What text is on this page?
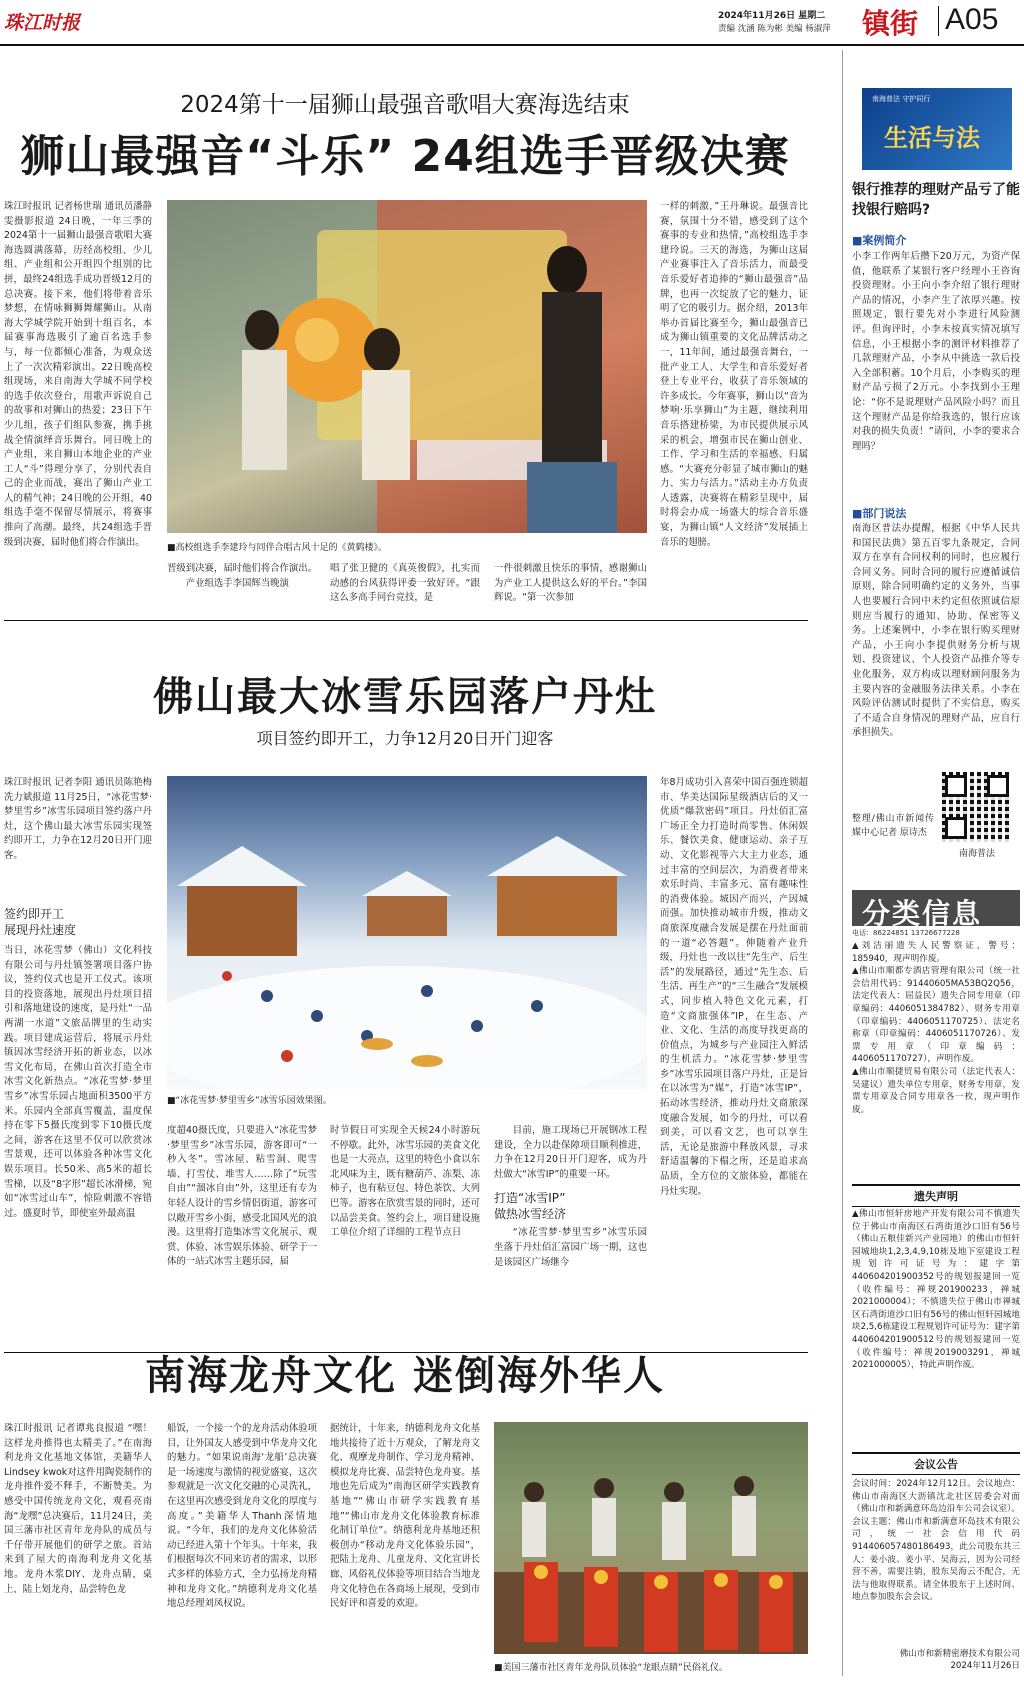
珠江时报	2024年11月26日 星期二
责编 沈涵 陈为彬 美编 杨淑萍 镇街 A05
2024第十一届狮山最强音歌唱大赛海选结束
狮山最强音“斗乐” 24组选手晋级决赛
珠江时报讯 记者杨世瑞 通讯员潘静雯摄影报道 24日晚，一年三季的2024第十一届狮山最强音歌唱大赛海选圆满落幕，历经高校组、少儿组、产业组和公开组四个组别的比拼，最终24组选手成功晋级12月的总决赛。接下来，他们将带着音乐梦想，在情咏狮狮舞耀狮山。从南海大学城学院开始到十组百名，本届赛事海选吸引了逾百名选手参与，每一位都倾心准备，为观众送上了一次次精彩演出。22日晚高校组现场，来自南海大学城不同学校的选手依次登台，用歌声诉说自己的故事和对狮山的热爱；23日下午少儿组，孩子们组队参赛，携手挑战全情演绎音乐舞台。同日晚上的产业组，来自狮山本地企业的产业工人“斗”得理分享了，分别代表自己的企业而战，赛出了狮山产业工人的精气神；24日晚的公开组，40组选手毫不保留尽情展示，将赛事推向了高潮。最终，共24组选手晋级到决赛，届时他们将合作演出。
■高校组选手李建玲与同伴合唱古风十足的《黄鹤楼》。
晋级到决赛，届时他们将合作演出。
产业组选手李国辉当晚演
唱了张卫健的《真英俊假》，扎实而动感的台风获得评委一致好评。“跟这么多高手同台竞技，是
一件很刺激且快乐的事情，感谢狮山为产业工人提供这么好的平台。”李国辉说。“第一次参加
一样的刺激，”王丹琳说。最强音比赛，氛围十分不错，感受到了这个赛事的专业和热情，”高校组选手李建玲说。三天的海选，为狮山这届产业赛事注入了音乐活力，而最受音乐爱好者追捧的“狮山最强音”品牌，也再一次绽放了它的魅力，证明了它的吸引力。据介绍，2013年举办首届比赛至今，狮山最强音已成为狮山镇重要的文化品牌活动之一，11年间，通过最强音舞台，一批产业工人、大学生和音乐爱好者登上专业平台，收获了音乐领域的许多成长。今年赛事，狮山以“音为梦响·乐享狮山”为主题，继续利用音乐搭建桥梁，为市民提供展示风采的机会，增强市民在狮山创业、工作、学习和生活的幸福感、归属感。“大赛充分彰显了城市狮山的魅力、实力与活力。”活动主办方负责人透露，决赛将在精彩呈现中，届时将会办成一场盛大的综合音乐盛宴，为狮山镇“人文经济”发展插上音乐的翅膀。
佛山最大冰雪乐园落户丹灶
项目签约即开工，力争12月20日开门迎客
珠江时报讯 记者李阳 通讯员陈艳梅 冼力斌报道 11月25日，“冰花雪梦·梦里雪乡”冰雪乐园项目签约落户丹灶，这个佛山最大冰雪乐园实现签约即开工，力争在12月20日开门迎客。
签约即开工
展现丹灶速度
当日，冰花雪梦（佛山）文化科技有限公司与丹灶镇签署项目落户协议，签约仪式也是开工仪式。该项目的投资落地，展现出丹灶项目招引和落地建设的速度，是丹灶“一品两湖一水道”文旅品牌里的生动实践。项目建成运营后，将展示丹灶镇因冰雪经济开拓的新业态，以冰雪文化布局，在佛山首次打造全市冰雪文化新热点。“冰花雪梦·梦里雪乡”冰雪乐园占地面积3500平方米。乐园内全部真雪覆盖，温度保持在零下5摄氏度到零下10摄氏度之间，游客在这里不仅可以欣赏冰雪景观，还可以体验各种冰雪文化娱乐项目。长50米、高5米的超长雪梯，以及“8字形”超长冰滑梯，宛如“冰雪过山车”，惊险刺激不容错过。盛夏时节，即使室外最高温
■“冰花雪梦·梦里雪乡”冰雪乐园效果图。
度超40摄氏度，只要进入“冰花雪梦·梦里雪乡”冰雪乐园，游客即可“一秒入冬”。雪冰屋、粘雪洞、爬雪墙、打雪仗、堆雪人……除了“玩雪自由”“溜冰自由”外，这里还有专为年轻人设计的雪乡情侣街道，游客可以敞开雪乡小街，感受北国风光的浪漫。这里将打造集冰雪文化展示、观赏、体验、冰雪娱乐体验、研学于一体的一站式冰雪主题乐园，届
时节假日可实现全天候24小时游玩不停歇。此外，冰雪乐园的美食文化也是一大亮点，这里的特色小食以东北风味为主，既有糖葫芦、冻梨、冻柿子，也有粘豆包、特色茶饮、大列巴等。游客在欣赏雪景的同时，还可以品尝美食。签约会上，项目建设施工单位介绍了详细的工程节点日
目前，施工现场已开展钢冰工程建设，全力以赴保障项目顺利推进，力争在12月20日开门迎客，成为丹灶做大“冰雪IP”的重要一环。
打造“冰雪IP”
做热冰雪经济
“冰花雪梦·梦里雪乡”冰雪乐园坐落于丹灶佰汇富园广场一期，这也是该园区广场继今
年8月成功引入喜荣中国百强连锁超市、华美达国际星级酒店后的又一优质“爆款密码”项目。丹灶佰汇富广场正全力打造时尚零售、休闲娱乐、餐饮美食、健康运动、亲子互动、文化影视等六大主力业态，通过丰富的空间层次，为消费者带来欢乐时尚、丰富多元、富有趣味性的消费体验。城因产而兴，产因城而强。加快推动城市升级，推动文商旅深度融合发展是摆在丹灶面前的一道“必答题”。伸随着产业升级，丹灶也一改以往“先生产、后生活”的发展路径，通过“先生态、后生活、再生产”的“三生融合”发展模式，同步植入特色文化元素，打造“文商旅强体”IP，在生态、产业、文化、生活的高度导找更高的价值点，为城乡与产业园注入鲜活的生机活力。“冰花雪梦·梦里雪乡”冰雪乐园项目落户丹灶，正是旨在以冰雪为“媒”，打造“冰雪IP”，拓动冰雪经济，推动丹灶文商旅深度融合发展，如今的丹灶，可以看到美，可以看文艺，也可以享生活，无论是旅游中释放风景，寻求舒适温馨的下榻之所，还是追求高品质，全方位的文旅体验，都能在丹灶实现。
南海龙舟文化 迷倒海外华人
珠江时报讯 记者谭兆良报道 “嘿！这样龙舟推得也太精美了。”在南海利龙舟文化基地文体馆，美籍华人Lindsey kwok对这件用陶瓷制作的龙舟推件爱不释手，不断赞美。为感受中国传统龙舟文化，观看亮南海“龙嘿”总决赛后，11月24日，美国三藩市社区青年龙舟队的成员与千仔带开展他们的研学之旅。首站来到了屋大的南海利龙舟文化基地。龙舟木浆DIY、龙舟点睛，桌上、陆上划龙舟，品尝特色龙
船饭，一个接一个的龙舟活动体验项目，让外国友人感受到中华龙舟文化的魅力。“如果说南海‘龙船’总决赛是一场速度与激情的视觉盛宴，这次参观就是一次文化交融的心灵洗礼，在这里再次感受到龙舟文化的厚度与高度。”美籍华人Thanh深情地说。“今年，我们的龙舟文化体验活动已经进入第十个年头。十年来，我们根据每次不同来访者的需求，以形式多样的体验方式，全力弘扬龙舟精神和龙舟文化。”纳德利龙舟文化基地总经理刘凤权说。
据统计，十年来，纳德利龙舟文化基地共接待了近十万观众，了解龙舟文化、观摩龙舟制作、学习龙舟精神、模拟龙舟比赛、品尝特色龙舟宴。基地也先后成为“南海区研学实践教育基地”“佛山市研学实践教育基地”“佛山市龙舟文化体验教育标准化制订单位”。纳德利龙舟基地还积极创办“移动龙舟文化体验乐园”，把陆上龙舟、儿童龙舟、文化宣讲长廊、风俗礼仪体验等项目结合当地龙舟文化特色在各商场上展现，受到市民好评和喜爱的欢迎。
■美国三藩市社区青年龙舟队员体验“龙眼点睛”民俗礼仪。
南海普法 守护同行
生活与法
银行推荐的理财产品亏了能找银行赔吗?
■案例简介
小李工作两年后攒下20万元，为资产保值，他联系了某银行客户经理小王咨询投资理财。小王向小李介绍了银行理财产品的情况，小李产生了浓厚兴趣。按照规定，银行要先对小李进行风险测评。但询评时，小李未按真实情况填写信息，小王根据小李的测评材料推荐了几款理财产品，小李从中挑选一款后投入全部积蓄。10个月后，小李购买的理财产品亏损了2万元。小李找到小王理论：“你不是说理财产品风险小吗？而且这个理财产品是你给我选的，银行应该对我的损失负责！”请问，小李的要求合理吗？
■部门说法
南海区普法办提醒，根据《中华人民共和国民法典》第五百零九条规定，合同双方在享有合同权利的同时，也应履行合同义务。同时合同的履行应遵循诚信原则，除合同明确约定的义务外，当事人也要履行合同中未约定但依照诚信原则应当履行的通知、协助、保密等义务。上述案例中，小李在银行购买理财产品，小王向小李提供财务分析与规划、投资建议、个人投资产品推介等专业化服务，双方构成以理财顾问服务为主要内容的金融服务法律关系。小李在风险评估测试时提供了不实信息，购买了不适合自身情况的理财产品，应自行承担损失。
整理/佛山市新闻传媒中心记者 原诗杰
南海普法
分类信息
电话：86224851 13726677228
▲刘洁丽遗失人民警察证，警号：185940，现声明作废。
▲佛山市顺都专酒店管理有限公司（统一社会信用代码：91440605MA53BQ2Q56，法定代表人：屈益民）遗失合同专用章（印章编码：4406051384782）、财务专用章（印章编码：4406051170725）、法定名称章（印章编码：4406051170726）、发票专用章（印章编码：4406051170727），声明作废。
▲佛山市顺捷贸易有限公司（法定代表人：吴建议）遗失单位专用章，财务专用章，发票专用章及合同专用章各一枚，现声明作废。
遗失声明
▲佛山市恒轩房地产开发有限公司不慎遗失位于佛山市南海区石湾街道沙口旧有56号（佛山五粮佳新兴产业园地）的佛山市恒轩园城地块1,2,3,4,9,10栋及地下室建设工程规划许可证号为：建字第440604201900352号的规划报建回一览（收件编号：禅规201900233，禅城2021000004）；不慎遗失位于佛山市禅城区石湾街道沙口旧有56号的佛山恒轩园城地块2,5,6栋建设工程规划许可证号为：建字第440604201900512号的规划报建回一览（收件编号：禅规2019003291，禅城2021000005），特此声明作废。
会议公告
会议时间：2024年12月12日。会议地点：佛山市南海区大沥镇沈北社区居委会对面（佛山市和新满意环岛边沿车公司会议室）。会议主题：佛山市和新满意环岛技术有限公司，统一社会信用代码914406057480186493，此公司股东共三人：姜小波、姜小平、吴海云，因为公司经营不善，需要注销，股东吴海云不配合，无法与他取得联系。请全体股东于上述时间、地点参加股东会会议。
佛山市和新精密磨技术有限公司
2024年11月26日
